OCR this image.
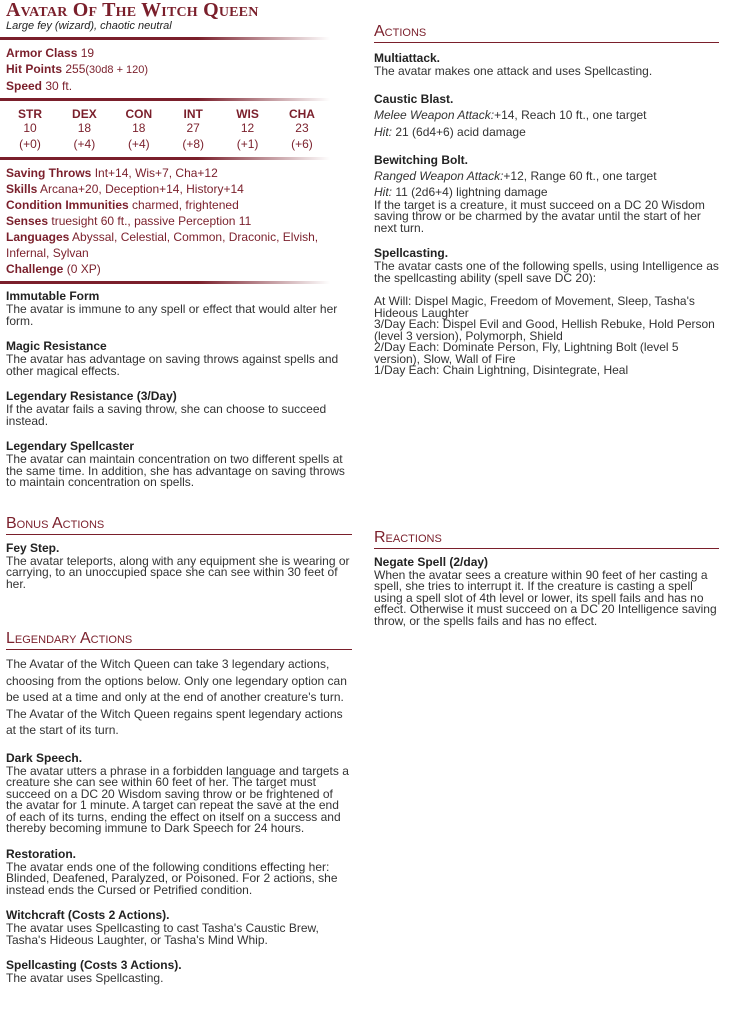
Avatar Of The Witch Queen
Large fey (wizard), chaotic neutral
Armor Class 19
Hit Points 255(30d8 + 120)
Speed 30 ft.
STR
10
(+0)
DEX
18
(+4)
CON
18
(+4)
INT
27
(+8)
WIS
12
(+1)
CHA
23
(+6)
Saving Throws Int+14, Wis+7, Cha+12
Skills Arcana+20, Deception+14, History+14
Condition Immunities charmed, frightened
Senses truesight 60 ft., passive Perception 11
Languages Abyssal, Celestial, Common, Draconic, Elvish, Infernal, Sylvan
Challenge (0 XP)
Immutable Form
The avatar is immune to any spell or effect that would alter her form.
Magic Resistance
The avatar has advantage on saving throws against spells and other magical effects.
Legendary Resistance (3/Day)
If the avatar fails a saving throw, she can choose to succeed instead.
Legendary Spellcaster
The avatar can maintain concentration on two different spells at the same time. In addition, she has advantage on saving throws to maintain concentration on spells.
Bonus Actions
Fey Step.
The avatar teleports, along with any equipment she is wearing or carrying, to an unoccupied space she can see within 30 feet of her.
Legendary Actions
The Avatar of the Witch Queen can take 3 legendary actions, choosing from the options below. Only one legendary option can be used at a time and only at the end of another creature's turn. The Avatar of the Witch Queen regains spent legendary actions at the start of its turn.
Dark Speech.
The avatar utters a phrase in a forbidden language and targets a creature she can see within 60 feet of her. The target must succeed on a DC 20 Wisdom saving throw or be frightened of the avatar for 1 minute. A target can repeat the save at the end of each of its turns, ending the effect on itself on a success and thereby becoming immune to Dark Speech for 24 hours.
Restoration.
The avatar ends one of the following conditions effecting her: Blinded, Deafened, Paralyzed, or Poisoned. For 2 actions, she instead ends the Cursed or Petrified condition.
Witchcraft (Costs 2 Actions).
The avatar uses Spellcasting to cast Tasha's Caustic Brew, Tasha's Hideous Laughter, or Tasha's Mind Whip.
Spellcasting (Costs 3 Actions).
The avatar uses Spellcasting.
Actions
Multiattack.
The avatar makes one attack and uses Spellcasting.
Caustic Blast.
Melee Weapon Attack:+14, Reach 10 ft., one target
Hit: 21 (6d4+6) acid damage
Bewitching Bolt.
Ranged Weapon Attack:+12, Range 60 ft., one target
Hit: 11 (2d6+4) lightning damage
If the target is a creature, it must succeed on a DC 20 Wisdom saving throw or be charmed by the avatar until the start of her next turn.
Spellcasting.
The avatar casts one of the following spells, using Intelligence as the spellcasting ability (spell save DC 20):
At Will: Dispel Magic, Freedom of Movement, Sleep, Tasha's Hideous Laughter
3/Day Each: Dispel Evil and Good, Hellish Rebuke, Hold Person (level 3 version), Polymorph, Shield
2/Day Each: Dominate Person, Fly, Lightning Bolt (level 5 version), Slow, Wall of Fire
1/Day Each: Chain Lightning, Disintegrate, Heal
Reactions
Negate Spell (2/day)
When the avatar sees a creature within 90 feet of her casting a spell, she tries to interrupt it. If the creature is casting a spell using a spell slot of 4th level or lower, its spell fails and has no effect. Otherwise it must succeed on a DC 20 Intelligence saving throw, or the spells fails and has no effect.
